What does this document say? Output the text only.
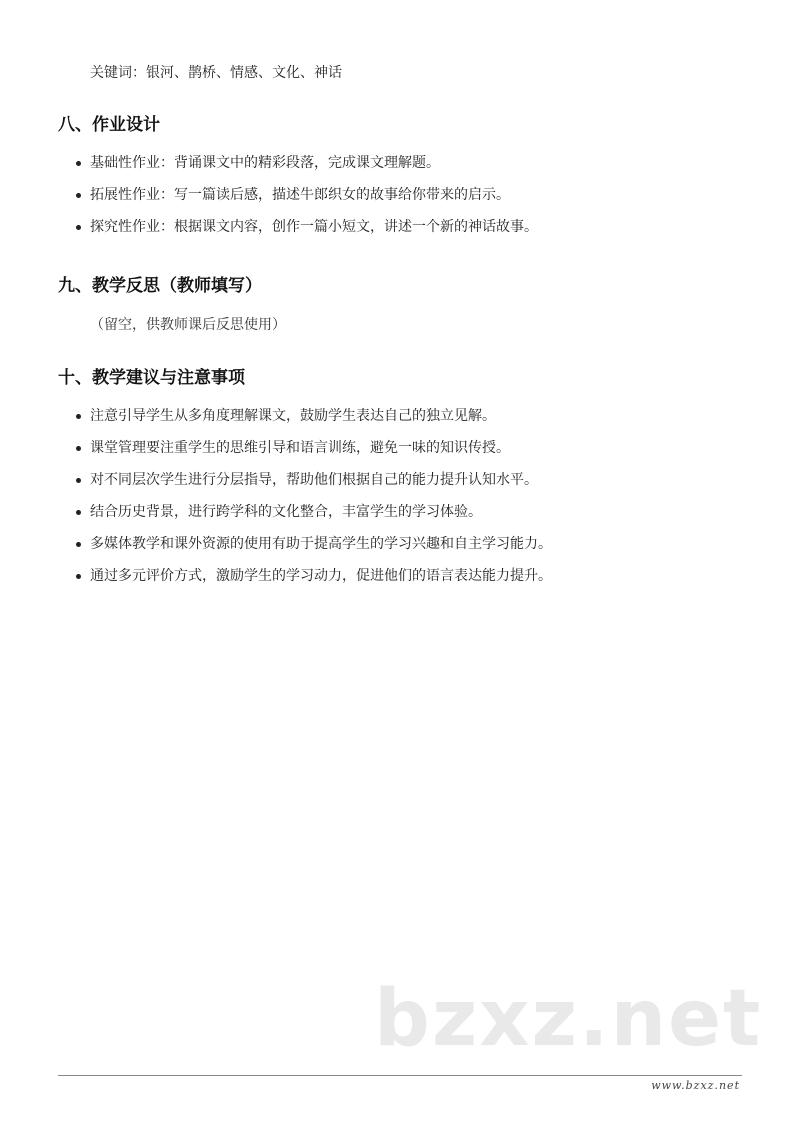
关键词：银河、鹊桥、情感、文化、神话
八、作业设计
基础性作业：背诵课文中的精彩段落，完成课文理解题。
拓展性作业：写一篇读后感，描述牛郎织女的故事给你带来的启示。
探究性作业：根据课文内容，创作一篇小短文，讲述一个新的神话故事。
九、教学反思（教师填写）
（留空，供教师课后反思使用）
十、教学建议与注意事项
注意引导学生从多角度理解课文，鼓励学生表达自己的独立见解。
课堂管理要注重学生的思维引导和语言训练，避免一味的知识传授。
对不同层次学生进行分层指导，帮助他们根据自己的能力提升认知水平。
结合历史背景，进行跨学科的文化整合，丰富学生的学习体验。
多媒体教学和课外资源的使用有助于提高学生的学习兴趣和自主学习能力。
通过多元评价方式，激励学生的学习动力，促进他们的语言表达能力提升。
bzxz.net
www.bzxz.net
